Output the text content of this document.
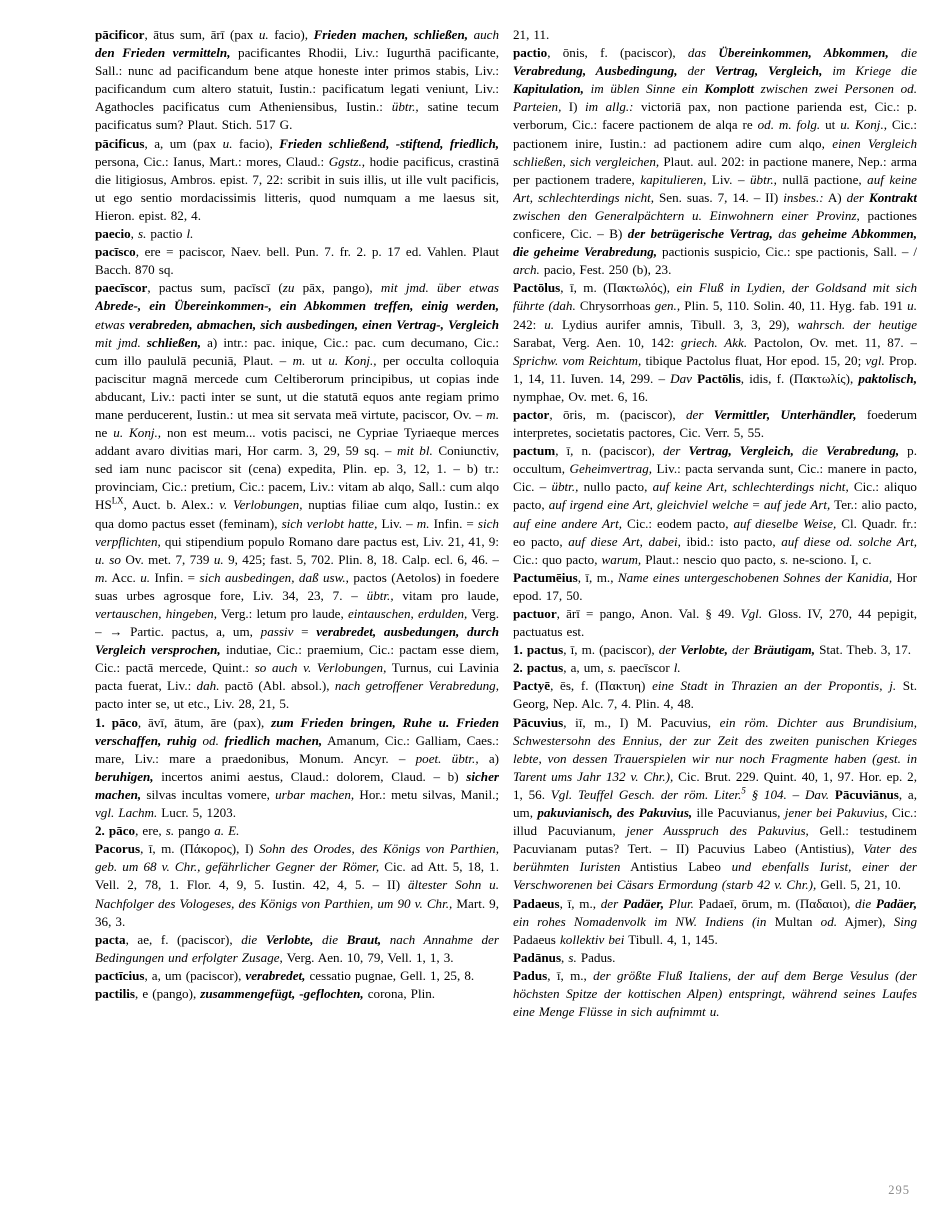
pācificor, ātus sum, ārī (pax u. facio), Frieden machen, schließen, auch den Frieden vermitteln, pacificantes Rhodii, Liv.: Iugurthā pacificante, Sall.: nunc ad pacificandum bene atque honeste inter primos stabis, Liv.: pacificandum cum altero statuit, Iustin.: pacificatum legati veniunt, Liv.: Agathocles pacificatus cum Atheniensibus, Iustin.: übtr., satine tecum pacificatus sum? Plaut. Stich. 517 G.

pācificus, a, um (pax u. facio), Frieden schließend, -stiftend, friedlich, persona, Cic.: Ianus, Mart.: mores, Claud.: Ggstz., hodie pacificus, crastinā die litigiosus, Ambros. epist. 7, 22: scribit in suis illis, ut ille vult pacificis, ut ego sentio mordacissimis litteris, quod numquam a me laesus sit, Hieron. epist. 82, 4.

paecio, s. pactio l.

pacīsco, ere = paciscor, Naev. bell. Pun. 7. fr. 2. p. 17 ed. Vahlen. Plaut Bacch. 870 sq.

paecīscor, pactus sum, pacīscī (zu pāx, pango), mit jmd. über etwas Abrede-, ein Übereinkommen-, ein Abkommen treffen, einig werden, etwas verabreden, abmachen, sich ausbedingen, einen Vertrag-, Vergleich mit jmd. schließen, a) intr.: pac. inique, Cic.: pac. cum decumano, Cic.: cum illo paululā pecuniā, Plaut. – m. ut u. Konj., per occulta colloquia paciscitur magnā mercede cum Celtiberorum principibus, ut copias inde abducant, Liv.: pacti inter se sunt, ut die statutā equos ante regiam primo mane perducerent, Iustin.: ut mea sit servata meā virtute, paciscor, Ov. – m. ne u. Konj., non est meum... votis pacisci, ne Cypriae Tyriaeque merces addant avaro divitias mari, Hor carm. 3, 29, 59 sq. – mit bl. Coniunctiv, sed iam nunc paciscor sit (cena) expedita, Plin. ep. 3, 12, 1. – b) tr.: provinciam, Cic.: pretium, Cic.: pacem, Liv.: vitam ab alqo, Sall.: cum alqo $HS^{LX}$, Auct. b. Alex.: v. Verlobungen, nuptias filiae cum alqo, Iustin.: ex qua domo pactus esset (feminam), sich verlobt hatte, Liv. – m. Infin. = sich verpflichten, qui stipendium populo Romano dare pactus est, Liv. 21, 41, 9: u. so Ov. met. 7, 739 u. 9, 425; fast. 5, 702. Plin. 8, 18. Calp. ecl. 6, 46. – m. Acc. u. Infin. = sich ausbedingen, daß usw., pactos (Aetolos) in foedere suas urbes agrosque fore, Liv. 34, 23, 7. – übtr., vitam pro laude, vertauschen, hingeben, Verg.: letum pro laude, eintauschen, erdulden, Verg. – → Partic. pactus, a, um, passiv = verabredet, ausbedungen, durch Vergleich versprochen, indutiae, Cic.: praemium, Cic.: pactam esse diem, Cic.: pactā mercede, Quint.: so auch v. Verlobungen, Turnus, cui Lavinia pacta fuerat, Liv.: dah. pactō (Abl. absol.), nach getroffener Verabredung, pacto inter se, ut etc., Liv. 28, 21, 5.

1. pāco, āvī, ātum, āre (pax), zum Frieden bringen, Ruhe u. Frieden verschaffen, ruhig od. friedlich machen, Amanum, Cic.: Galliam, Caes.: mare, Liv.: mare a praedonibus, Monum. Ancyr. – poet. übtr., a) beruhigen, incertos animi aestus, Claud.: dolorem, Claud. – b) sicher machen, silvas incultas vomere, urbar machen, Hor.: metu silvas, Manil.; vgl. Lachm. Lucr. 5, 1203.

2. pāco, ere, s. pango a. E.

Pacorus, ī, m. (Πάκορος), I) Sohn des Orodes, des Königs von Parthien, geb. um 68 v. Chr., gefährlicher Gegner der Römer, Cic. ad Att. 5, 18, 1. Vell. 2, 78, 1. Flor. 4, 9, 5. Iustin. 42, 4, 5. – II) ältester Sohn u. Nachfolger des Vologeses, des Königs von Parthien, um 90 v. Chr., Mart. 9, 36, 3.

pacta, ae, f. (paciscor), die Verlobte, die Braut, nach Annahme der Bedingungen und erfolgter Zusage, Verg. Aen. 10, 79, Vell. 1, 1, 3.

pactīcius, a, um (paciscor), verabredet, cessatio pugnae, Gell. 1, 25, 8.

pactilis, e (pango), zusammengefügt, -geflochten, corona, Plin.

21, 11.

pactio, ōnis, f. (paciscor), das Übereinkommen, Abkommen, die Verabredung, Ausbedingung, der Vertrag, Vergleich, im Kriege die Kapitulation, im üblen Sinne ein Komplott zwischen zwei Personen od. Parteien, I) im allg.: victoriā pax, non pactione parienda est, Cic.: p. verborum, Cic.: facere pactionem de alqa re od. m. folg. ut u. Konj., Cic.: pactionem inire, Iustin.: ad pactionem adire cum alqo, einen Vergleich schließen, sich vergleichen, Plaut. aul. 202: in pactione manere, Nep.: arma per pactionem tradere, kapitulieren, Liv. – übtr., nullā pactione, auf keine Art, schlechterdings nicht, Sen. suas. 7, 14. – II) insbes.: A) der Kontrakt zwischen den Generalpächtern u. Einwohnern einer Provinz, pactiones conficere, Cic. – B) der betrügerische Vertrag, das geheime Abkommen, die geheime Verabredung, pactionis suspicio, Cic.: spe pactionis, Sall. – / arch. pacio, Fest. 250 (b), 23.

Pactōlus, ī, m. (Πακτωλός), ein Fluß in Lydien, der Goldsand mit sich führte (dah. Chrysorrhoas gen., Plin. 5, 110. Solin. 40, 11. Hyg. fab. 191 u. 242: u. Lydius aurifer amnis, Tibull. 3, 3, 29), wahrsch. der heutige Sarabat, Verg. Aen. 10, 142: griech. Akk. Pactolon, Ov. met. 11, 87. – Sprichw. vom Reichtum, tibique Pactolus fluat, Hor epod. 15, 20; vgl. Prop. 1, 14, 11. Iuven. 14, 299. – Dav Pactōlis, idis, f. (Πακτωλίς), paktolisch, nymphae, Ov. met. 6, 16.

pactor, ōris, m. (paciscor), der Vermittler, Unterhändler, foederum interpretes, societatis pactores, Cic. Verr. 5, 55.

pactum, ī, n. (paciscor), der Vertrag, Vergleich, die Verabredung, p. occultum, Geheimvertrag, Liv.: pacta servanda sunt, Cic.: manere in pacto, Cic. – übtr., nullo pacto, auf keine Art, schlechterdings nicht, Cic.: aliquo pacto, auf irgend eine Art, gleichviel welche = auf jede Art, Ter.: alio pacto, auf eine andere Art, Cic.: eodem pacto, auf dieselbe Weise, Cl. Quadr. fr.: eo pacto, auf diese Art, dabei, ibid.: isto pacto, auf diese od. solche Art, Cic.: quo pacto, warum, Plaut.: nescio quo pacto, s. ne-sciono. I, c.

Pactumēius, ī, m., Name eines untergeschobenen Sohnes der Kanidia, Hor epod. 17, 50.

pactuor, ārī = pango, Anon. Val. § 49. Vgl. Gloss. IV, 270, 44 pepigit, pactuatus est.

1. pactus, ī, m. (paciscor), der Verlobte, der Bräutigam, Stat. Theb. 3, 17.

2. pactus, a, um, s. paecīscor l.

Pactyē, ēs, f. (Πακτυη) eine Stadt in Thrazien an der Propontis, j. St. Georg, Nep. Alc. 7, 4. Plin. 4, 48.

Pācuvius, iī, m., I) M. Pacuvius, ein röm. Dichter aus Brundisium, Schwestersohn des Ennius, der zur Zeit des zweiten punischen Krieges lebte, von dessen Trauerspielen wir nur noch Fragmente haben (gest. in Tarent ums Jahr 132 v. Chr.), Cic. Brut. 229. Quint. 40, 1, 97. Hor. ep. 2, 1, 56. Vgl. Teuffel Gesch. der röm. Liter.$^5$ § 104. – Dav. Pācuviānus, a, um, pakuvianisch, des Pakuvius, ille Pacuvianus, jener bei Pakuvius, Cic.: illud Pacuvianum, jener Ausspruch des Pakuvius, Gell.: testudinem Pacuvianam putas? Tert. – II) Pacuvius Labeo (Antistius), Vater des berühmten Iuristen Antistius Labeo und ebenfalls Iurist, einer der Verschworenen bei Cäsars Ermordung (starb 42 v. Chr.), Gell. 5, 21, 10.

Padaeus, ī, m., der Padäer, Plur. Padaeī, ōrum, m. (Παδαιοι), die Padäer, ein rohes Nomadenvolk im NW. Indiens (in Multan od. Ajmer), Sing Padaeus kollektiv bei Tibull. 4, 1, 145.

Padānus, s. Padus.

Padus, ī, m., der größte Fluß Italiens, der auf dem Berge Vesulus (der höchsten Spitze der kottischen Alpen) entspringt, während seines Laufes eine Menge Flüsse in sich aufnimmt u.

295
